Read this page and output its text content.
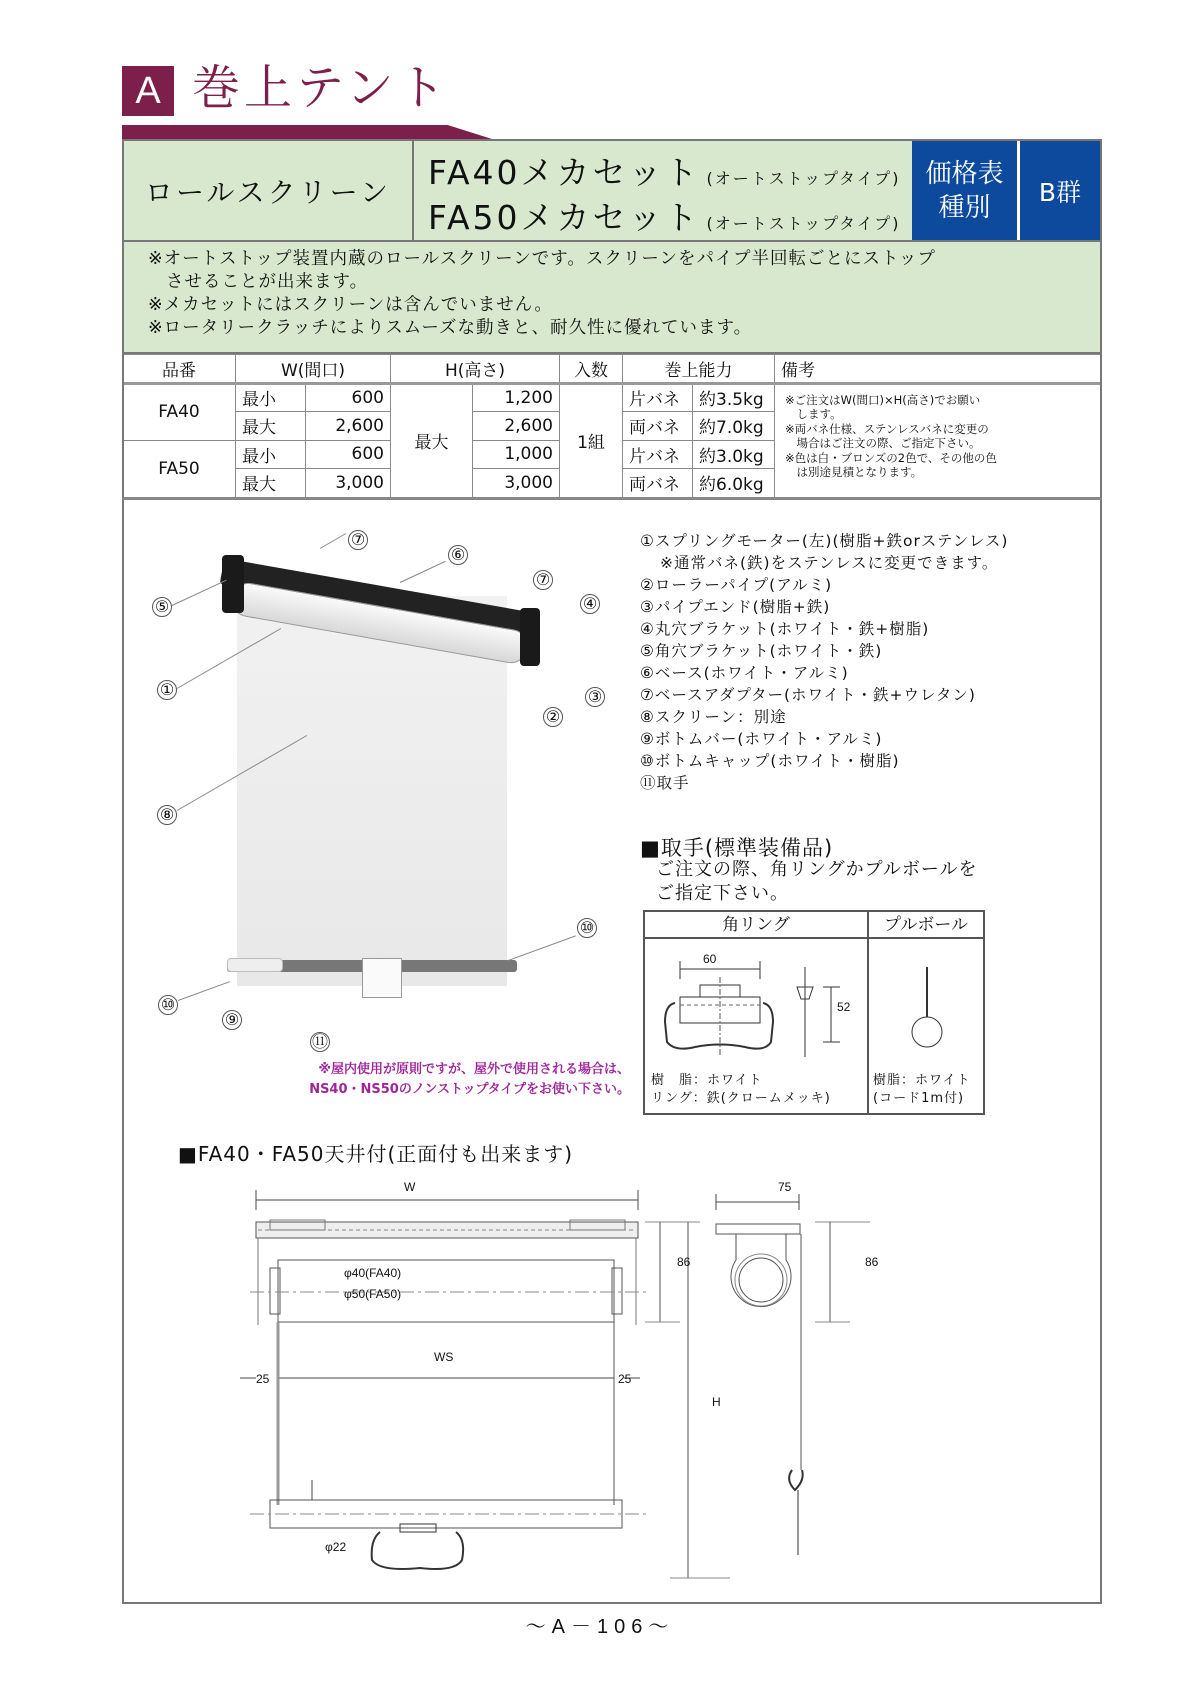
A 巻上テント
ロールスクリーン	FA40メカセット (オートストップタイプ)
FA50メカセット (オートストップタイプ)
価格表
種別
B群
※オートストップ装置内蔵のロールスクリーンです。スクリーンをパイプ半回転ごとにストップ
させることが出来ます。
※メカセットにはスクリーンは含んでいません。
※ロータリークラッチによりスムーズな動きと、耐久性に優れています。
品番	W(間口)		H(高さ)		入数	巻上能力		備考
FA40	最小	600	最大	1,200	1組	片バネ	約3.5kg	※ご注文はW(間口)×H(高さ)でお願い
　します。
※両バネ仕様、ステンレスバネに変更の
　場合はご注文の際、ご指定下さい。
※色は白・ブロンズの2色で、その他の色
　は別途見積となります。

	最大	2,600		2,600		両バネ	約7.0kg	
FA50	最小	600		1,000		片バネ	約3.0kg	
	最大	3,000		3,000		両バネ	約6.0kg	
⑦
⑥
⑦
④
⑤
①	③
②
⑧
⑩
⑩
⑨
⑪
①スプリングモーター(左)(樹脂+鉄orステンレス)
※通常バネ(鉄)をステンレスに変更できます。
②ローラーパイプ(アルミ)
③パイプエンド(樹脂+鉄)
④丸穴ブラケット(ホワイト・鉄+樹脂)
⑤角穴ブラケット(ホワイト・鉄)
⑥ベース(ホワイト・アルミ)
⑦ベースアダプター(ホワイト・鉄+ウレタン)
⑧スクリーン：別途
⑨ボトムバー(ホワイト・アルミ)
⑩ボトムキャップ(ホワイト・樹脂)
⑪取手
■取手(標準装備品)
ご注文の際、角リングかプルボールを
ご指定下さい。
角リング	プルボール
60
52
樹　脂：ホワイト
リング：鉄(クロームメッキ)
樹脂：ホワイト
(コード1m付)
※屋内使用が原則ですが、屋外で使用される場合は、
NS40・NS50のノンストップタイプをお使い下さい。
■FA40・FA50天井付(正面付も出来ます)
W
φ40(FA40)
φ50(FA50)
WS
25	25
φ22
86	86
H
75
～A－106～
